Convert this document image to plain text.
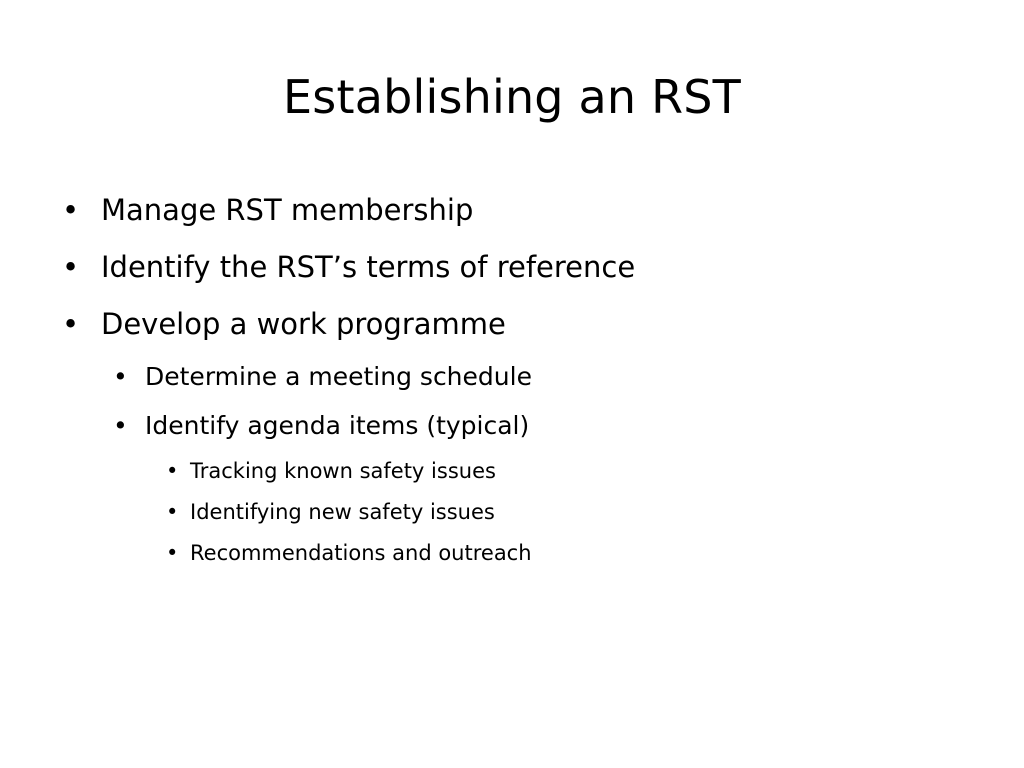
Establishing an RST
• Manage RST membership
• Identify the RST’s terms of reference
• Develop a work programme
• Determine a meeting schedule
• Identify agenda items (typical)
• Tracking known safety issues
• Identifying new safety issues
• Recommendations and outreach
